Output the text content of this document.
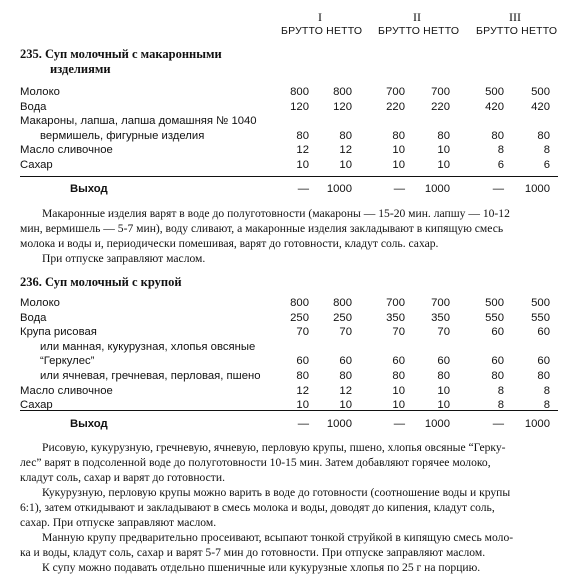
I	II	III
БРУТТО НЕТТО БРУТТО НЕТТО БРУТТО НЕТТО
235. Суп молочный с макаронными
изделиями
Молоко	800	800	700	700	500	500
Вода	120	120	220	220	420	420
Макароны, лапша, лапша домашняя № 1040
вермишель, фигурные изделия	80	80	80	80	80	80
Масло сливочное	12	12	10	10	8	8
Сахар	10	10	10	10	6	6
Выход	—	1000	—	1000	—	1000
Макаронные изделия варят в воде до полуготовности (макароны — 15-20 мин. лапшу — 10-12
мин, вермишель — 5-7 мин), воду сливают, а макаронные изделия закладывают в кипящую смесь
молока и воды и, периодически помешивая, варят до готовности, кладут соль. сахар.
При отпуске заправляют маслом.
236. Суп молочный с крупой
Молоко	800	800	700	700	500	500
Вода	250	250	350	350	550	550
Крупа рисовая	70	70	70	70	60	60
или манная, кукурузная, хлопья овсяные
“Геркулес”	60	60	60	60	60	60
или ячневая, гречневая, перловая, пшено	80	80	80	80	80	80
Масло сливочное	12	12	10	10	8	8
Сахар	10	10	10	10	8	8
Выход	—	1000	—	1000	—	1000
Рисовую, кукурузную, гречневую, ячневую, перловую крупы, пшено, хлопья овсяные “Герку-
лес” варят в подсоленной воде до полуготовности 10-15 мин. Затем добавляют горячее молоко,
кладут соль, сахар и варят до готовности.
Кукурузную, перловую крупы можно варить в воде до готовности (соотношение воды и крупы
6:1), затем откидывают и закладывают в смесь молока и воды, доводят до кипения, кладут соль,
сахар. При отпуске заправляют маслом.
Манную крупу предварительно просеивают, всыпают тонкой струйкой в кипящую смесь моло-
ка и воды, кладут соль, сахар и варят 5-7 мин до готовности. При отпуске заправляют маслом.
К супу можно подавать отдельно пшеничные или кукурузные хлопья по 25 г на порцию.
